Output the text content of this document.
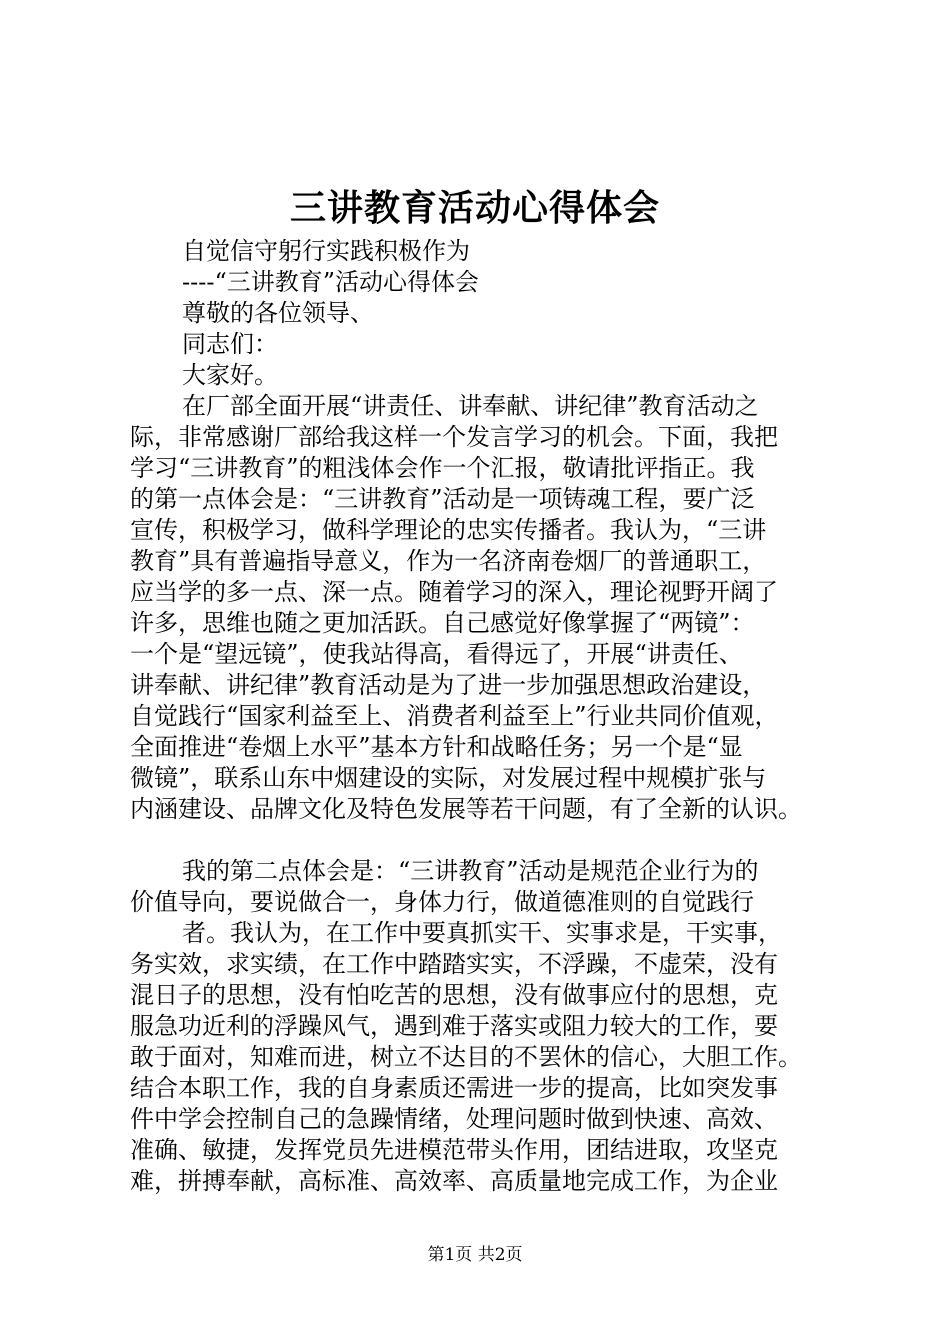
三讲教育活动心得体会
自觉信守躬行实践积极作为
----“三讲教育”活动心得体会
尊敬的各位领导、
同志们：
大家好。
在厂部全面开展“讲责任、讲奉献、讲纪律”教育活动之
际，非常感谢厂部给我这样一个发言学习的机会。下面，我把
学习“三讲教育”的粗浅体会作一个汇报，敬请批评指正。我
的第一点体会是：“三讲教育”活动是一项铸魂工程，要广泛
宣传，积极学习，做科学理论的忠实传播者。我认为，“三讲
教育”具有普遍指导意义，作为一名济南卷烟厂的普通职工，
应当学的多一点、深一点。随着学习的深入，理论视野开阔了
许多，思维也随之更加活跃。自己感觉好像掌握了“两镜”：
一个是“望远镜”，使我站得高，看得远了，开展“讲责任、
讲奉献、讲纪律”教育活动是为了进一步加强思想政治建设，
自觉践行“国家利益至上、消费者利益至上”行业共同价值观，
全面推进“卷烟上水平”基本方针和战略任务；另一个是“显
微镜”，联系山东中烟建设的实际，对发展过程中规模扩张与
内涵建设、品牌文化及特色发展等若干问题，有了全新的认识。
我的第二点体会是：“三讲教育”活动是规范企业行为的
价值导向，要说做合一，身体力行，做道德准则的自觉践行
者。我认为，在工作中要真抓实干、实事求是，干实事，
务实效，求实绩，在工作中踏踏实实，不浮躁，不虚荣，没有
混日子的思想，没有怕吃苦的思想，没有做事应付的思想，克
服急功近利的浮躁风气，遇到难于落实或阻力较大的工作，要
敢于面对，知难而进，树立不达目的不罢休的信心，大胆工作。
结合本职工作，我的自身素质还需进一步的提高，比如突发事
件中学会控制自己的急躁情绪，处理问题时做到快速、高效、
准确、敏捷，发挥党员先进模范带头作用，团结进取，攻坚克
难，拼搏奉献，高标准、高效率、高质量地完成工作，为企业
第1页 共2页
